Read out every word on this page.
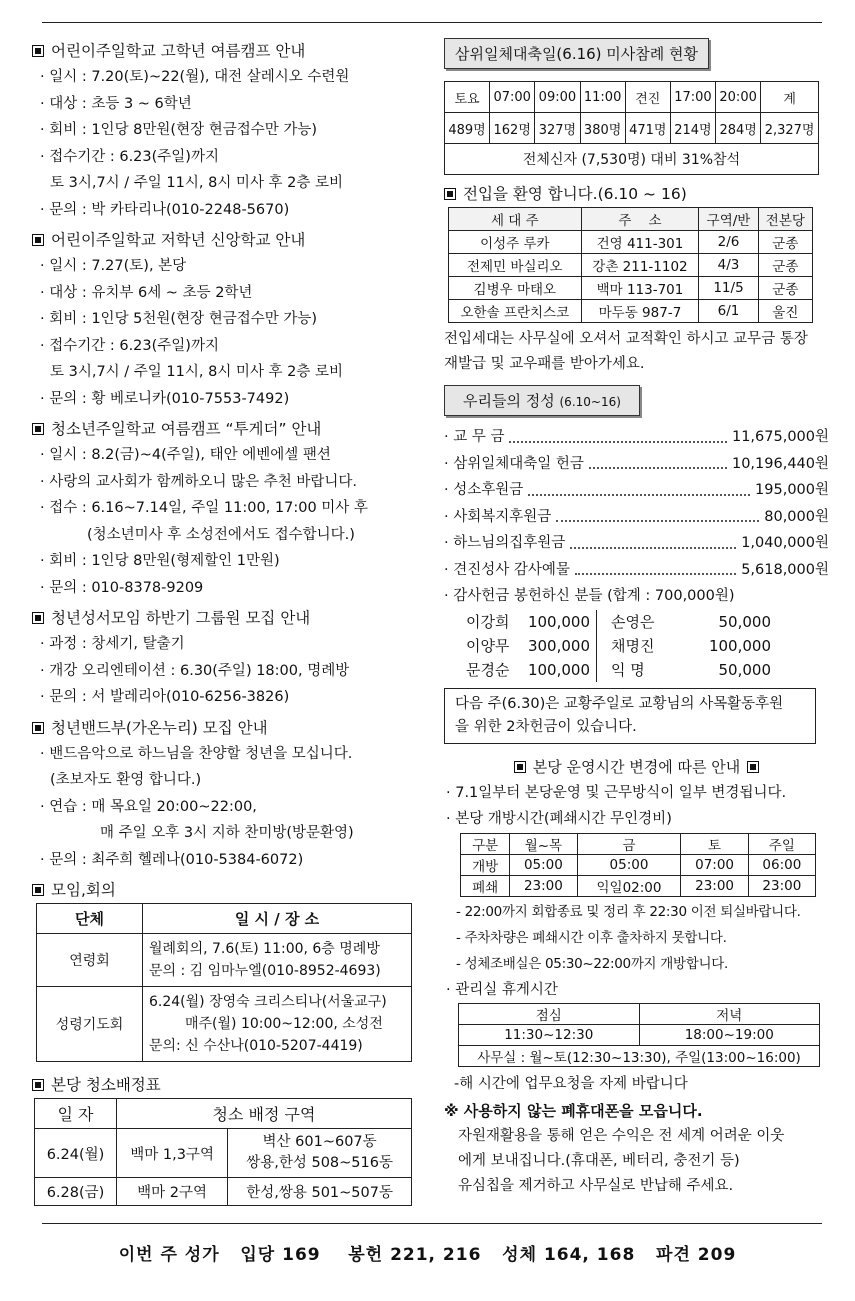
어린이주일학교 고학년 여름캠프 안내
· 일시 : 7.20(토)~22(월), 대전 살레시오 수련원
· 대상 : 초등 3 ~ 6학년
· 회비 : 1인당 8만원(현장 현금접수만 가능)
· 접수기간 : 6.23(주일)까지
토 3시,7시 / 주일 11시, 8시 미사 후 2층 로비
· 문의 : 박 카타리나(010-2248-5670)
어린이주일학교 저학년 신앙학교 안내
· 일시 : 7.27(토), 본당
· 대상 : 유치부 6세 ~ 초등 2학년
· 회비 : 1인당 5천원(현장 현금접수만 가능)
· 접수기간 : 6.23(주일)까지
토 3시,7시 / 주일 11시, 8시 미사 후 2층 로비
· 문의 : 황 베로니카(010-7553-7492)
청소년주일학교 여름캠프 “투게더” 안내
· 일시 : 8.2(금)~4(주일), 태안 에벤에셀 팬션
· 사랑의 교사회가 함께하오니 많은 추천 바랍니다.
· 접수 : 6.16~7.14일, 주일 11:00, 17:00 미사 후
(청소년미사 후 소성전에서도 접수합니다.)
· 회비 : 1인당 8만원(형제할인 1만원)
· 문의 : 010-8378-9209
청년성서모임 하반기 그룹원 모집 안내
· 과정 : 창세기, 탈출기
· 개강 오리엔테이션 : 6.30(주일) 18:00, 명례방
· 문의 : 서 발레리아(010-6256-3826)
청년밴드부(가온누리) 모집 안내
· 밴드음악으로 하느님을 찬양할 청년을 모십니다.
(초보자도 환영 합니다.)
· 연습 : 매 목요일 20:00~22:00,
매 주일 오후 3시 지하 찬미방(방문환영)
· 문의 : 최주희 헬레나(010-5384-6072)
모임,회의
단체	일 시 / 장 소
연령회	월례회의, 7.6(토) 11:00, 6층 명례방
문의 : 김 임마누엘(010-8952-4693)

성령기도회	6.24(월) 장영숙 크리스티나(서울교구)
매주(월) 10:00~12:00, 소성전
문의: 신 수산나(010-5207-4419)
본당 청소배정표
일 자	청소 배정 구역	
6.24(월)	백마 1,3구역	벽산 601~607동
쌍용,한성 508~516동

6.28(금)	백마 2구역	한성,쌍용 501~507동
삼위일체대축일(6.16) 미사참례 현황
토요	07:00	09:00	11:00	견진	17:00	20:00	계
489명	162명	327명	380명	471명	214명	284명	2,327명
전체신자 (7,530명) 대비 31%참석							
전입을 환영 합니다.(6.10 ~ 16)
세 대 주	주    소	구역/반	전본당
이성주 루카	건영 411-301	2/6	군종
전제민 바실리오	강촌 211-1102	4/3	군종
김병우 마태오	백마 113-701	11/5	군종
오한솔 프란치스코	마두동 987-7	6/1	울진
전입세대는 사무실에 오셔서 교적확인 하시고 교무금 통장
재발급 및 교우패를 받아가세요.
우리들의 정성 (6.10~16)
· 교 무 금	11,675,000원
· 삼위일체대축일 헌금	10,196,440원
· 성소후원금	195,000원
· 사회복지후원금	80,000원
· 하느님의집후원금	1,040,000원
· 견진성사 감사예물	5,618,000원
· 감사헌금 봉헌하신 분들 (합계 : 700,000원)
이강희	100,000	손영은	50,000
이양무	300,000	채명진	100,000
문경순	100,000	익 명	50,000
다음 주(6.30)은 교황주일로 교황님의 사목활동후원
을 위한 2차헌금이 있습니다.
본당 운영시간 변경에 따른 안내
· 7.1일부터 본당운영 및 근무방식이 일부 변경됩니다.
· 본당 개방시간(폐쇄시간 무인경비)
구분	월~목	금	토	주일
개방	05:00	05:00	07:00	06:00
폐쇄	23:00	익일02:00	23:00	23:00
- 22:00까지 회합종료 및 정리 후 22:30 이전 퇴실바랍니다.
- 주차차량은 폐쇄시간 이후 출차하지 못합니다.
- 성체조배실은 05:30~22:00까지 개방합니다.
· 관리실 휴게시간
점심	저녁
11:30~12:30	18:00~19:00
사무실 : 월~토(12:30~13:30), 주일(13:00~16:00)	
-해 시간에 업무요청을 자제 바랍니다
※ 사용하지 않는 폐휴대폰을 모읍니다.
자원재활용을 통해 얻은 수익은 전 세계 어려운 이웃
에게 보내집니다.(휴대폰, 베터리, 충전기 등)
유심칩을 제거하고 사무실로 반납해 주세요.
이번 주 성가   입당 169    봉헌 221, 216   성체 164, 168   파견 209
